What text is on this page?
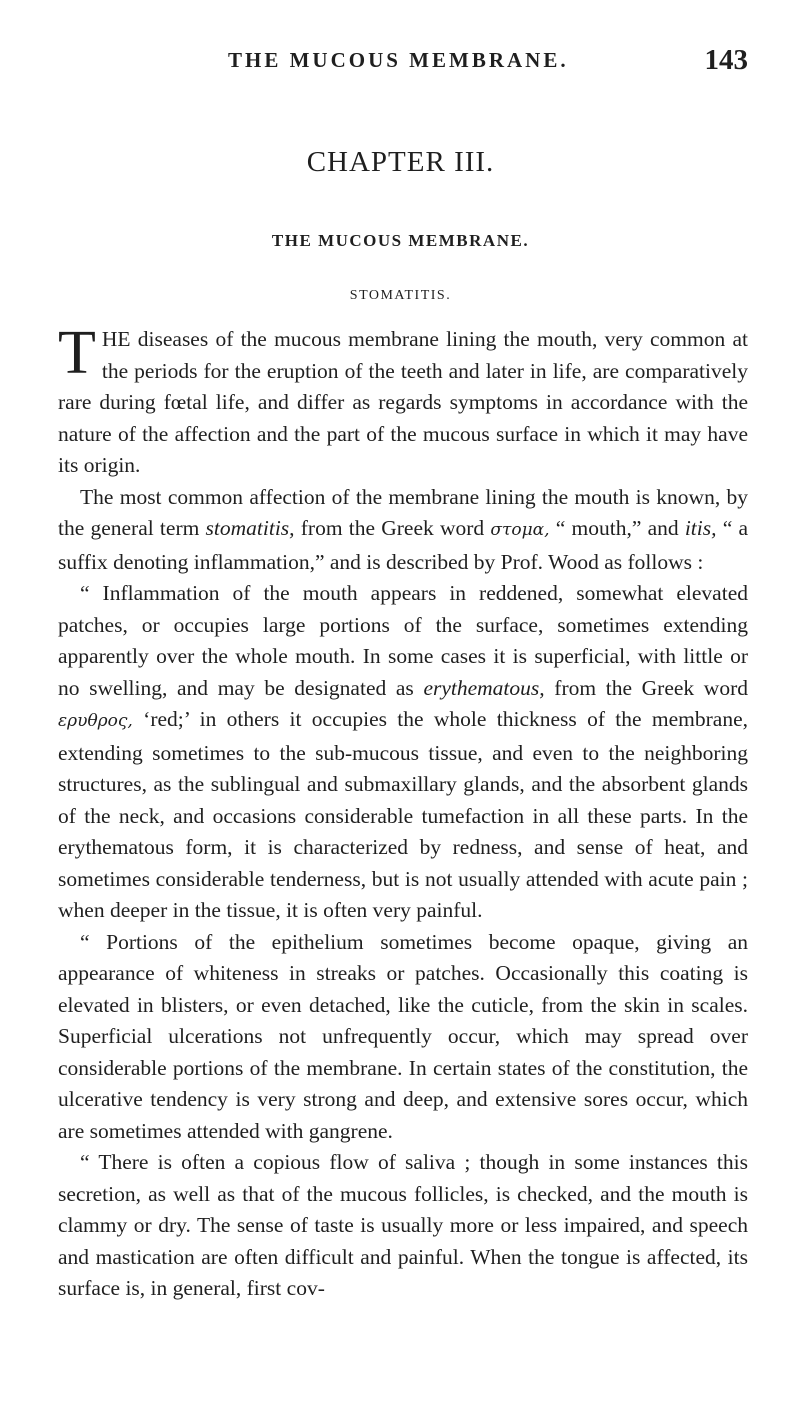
THE MUCOUS MEMBRANE.	143
CHAPTER III.
THE MUCOUS MEMBRANE.
STOMATITIS.

THE diseases of the mucous membrane lining the mouth, very common at the periods for the eruption of the teeth and later in life, are comparatively rare during fœtal life, and differ as regards symptoms in accordance with the nature of the affection and the part of the mucous surface in which it may have its origin.

The most common affection of the membrane lining the mouth is known, by the general term stomatitis, from the Greek word στομα, “ mouth,” and itis, “ a suffix denoting inflammation,” and is described by Prof. Wood as follows :

“ Inflammation of the mouth appears in reddened, somewhat elevated patches, or occupies large portions of the surface, sometimes extending apparently over the whole mouth. In some cases it is superficial, with little or no swelling, and may be designated as erythematous, from the Greek word ερυθρος, ‘red;’ in others it occupies the whole thickness of the membrane, extending sometimes to the sub-mucous tissue, and even to the neighboring structures, as the sublingual and submaxillary glands, and the absorbent glands of the neck, and occasions considerable tumefaction in all these parts. In the erythematous form, it is characterized by redness, and sense of heat, and sometimes considerable tenderness, but is not usually attended with acute pain ; when deeper in the tissue, it is often very painful.

“ Portions of the epithelium sometimes become opaque, giving an appearance of whiteness in streaks or patches. Occasionally this coating is elevated in blisters, or even detached, like the cuticle, from the skin in scales. Superficial ulcerations not unfrequently occur, which may spread over considerable portions of the membrane. In certain states of the constitution, the ulcerative tendency is very strong and deep, and extensive sores occur, which are sometimes attended with gangrene.

“ There is often a copious flow of saliva ; though in some instances this secretion, as well as that of the mucous follicles, is checked, and the mouth is clammy or dry. The sense of taste is usually more or less impaired, and speech and mastication are often difficult and painful. When the tongue is affected, its surface is, in general, first cov-
